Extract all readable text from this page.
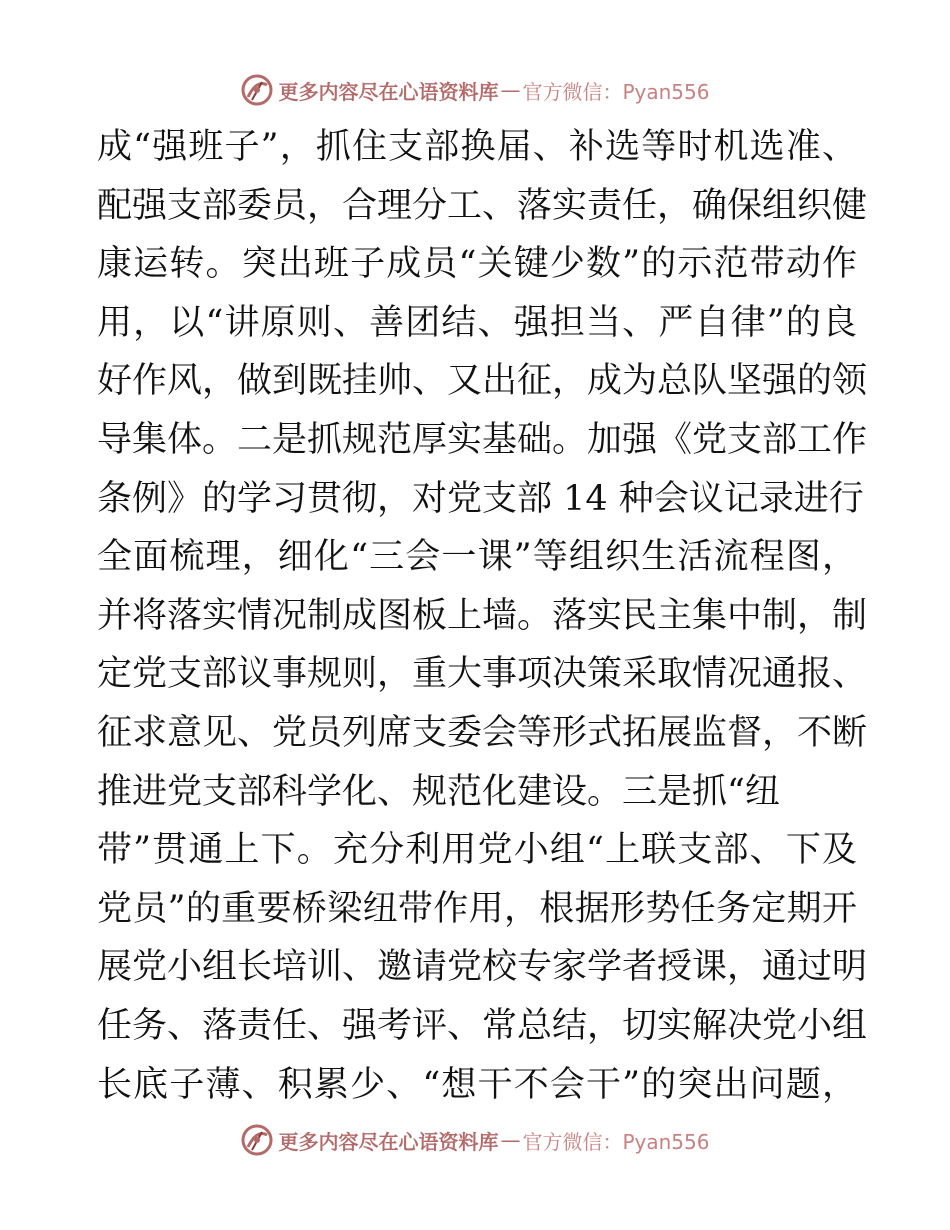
更多内容尽在心语资料库 — 官方微信：Pyan556
成“强班子”，抓住支部换届、补选等时机选准、
配强支部委员，合理分工、落实责任，确保组织健
康运转。突出班子成员“关键少数”的示范带动作
用，以“讲原则、善团结、强担当、严自律”的良
好作风，做到既挂帅、又出征，成为总队坚强的领
导集体。二是抓规范厚实基础。加强《党支部工作
条例》的学习贯彻，对党支部 14 种会议记录进行
全面梳理，细化“三会一课”等组织生活流程图，
并将落实情况制成图板上墙。落实民主集中制，制
定党支部议事规则，重大事项决策采取情况通报、
征求意见、党员列席支委会等形式拓展监督，不断
推进党支部科学化、规范化建设。三是抓“纽
带”贯通上下。充分利用党小组“上联支部、下及
党员”的重要桥梁纽带作用，根据形势任务定期开
展党小组长培训、邀请党校专家学者授课，通过明
任务、落责任、强考评、常总结，切实解决党小组
长底子薄、积累少、“想干不会干”的突出问题，
更多内容尽在心语资料库 — 官方微信：Pyan556
